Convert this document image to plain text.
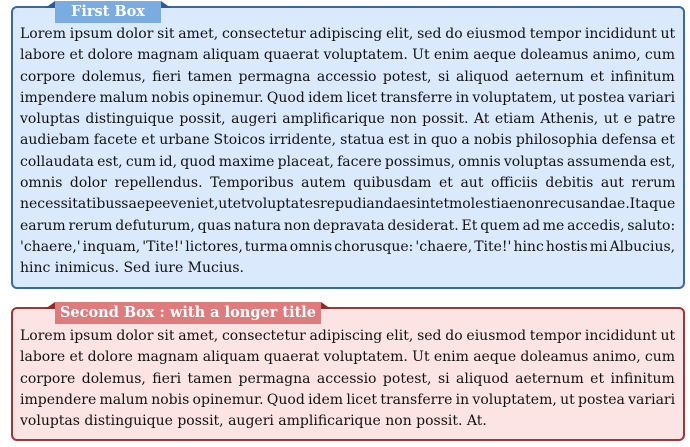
First Box
Lorem ipsum dolor sit amet, consectetur adipiscing elit, sed do eiusmod tempor incididunt ut
labore et dolore magnam aliquam quaerat voluptatem. Ut enim aeque doleamus animo, cum
corpore dolemus, fieri tamen permagna accessio potest, si aliquod aeternum et infinitum
impendere malum nobis opinemur. Quod idem licet transferre in voluptatem, ut postea variari
voluptas distinguique possit, augeri amplificarique non possit. At etiam Athenis, ut e patre
audiebam facete et urbane Stoicos irridente, statua est in quo a nobis philosophia defensa et
collaudata est, cum id, quod maxime placeat, facere possimus, omnis voluptas assumenda est,
omnis dolor repellendus. Temporibus autem quibusdam et aut officiis debitis aut rerum
necessitatibus saepe eveniet, ut et voluptates repudiandae sint et molestiae non recusandae. Itaque
earum rerum defuturum, quas natura non depravata desiderat. Et quem ad me accedis, saluto:
'chaere,' inquam, 'Tite!' lictores, turma omnis chorusque: 'chaere, Tite!' hinc hostis mi Albucius,
hinc inimicus. Sed iure Mucius.
Second Box : with a longer title
Lorem ipsum dolor sit amet, consectetur adipiscing elit, sed do eiusmod tempor incididunt ut
labore et dolore magnam aliquam quaerat voluptatem. Ut enim aeque doleamus animo, cum
corpore dolemus, fieri tamen permagna accessio potest, si aliquod aeternum et infinitum
impendere malum nobis opinemur. Quod idem licet transferre in voluptatem, ut postea variari
voluptas distinguique possit, augeri amplificarique non possit. At.
